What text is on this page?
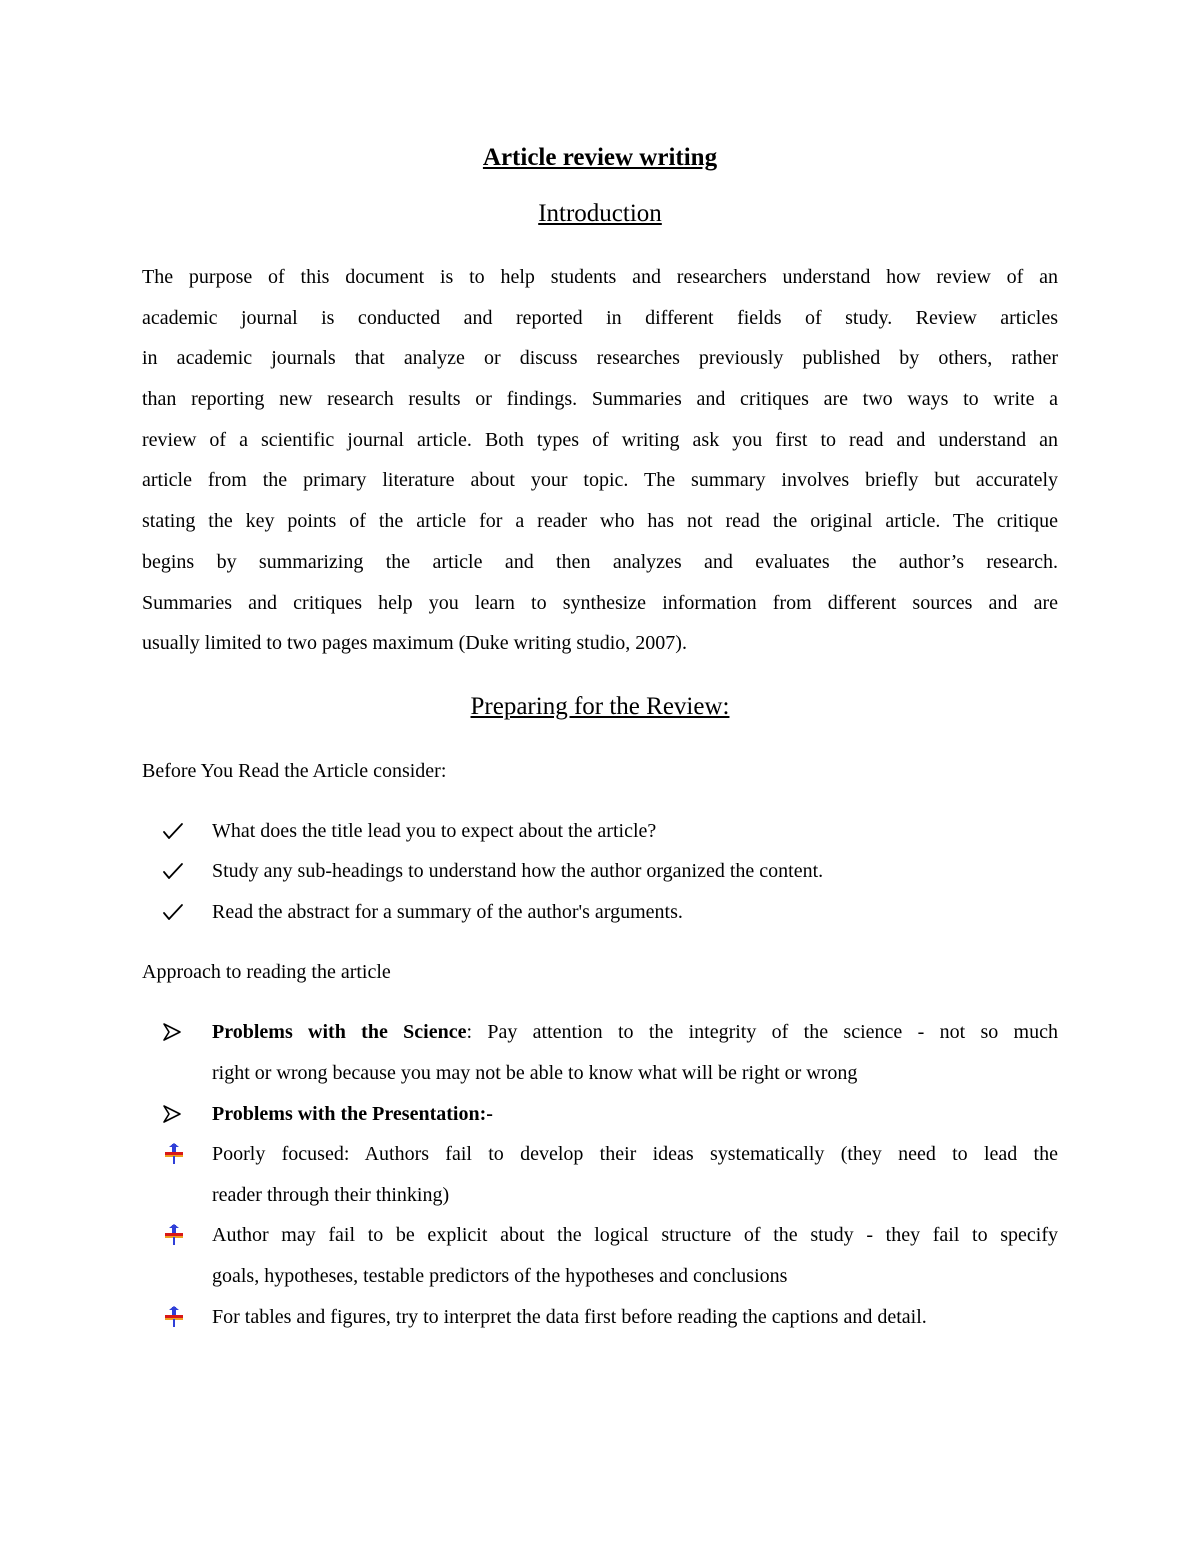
Article review writing
Introduction
The purpose of this document is to help students and researchers understand how review of an
academic journal is conducted and reported in different fields of study. Review articles
in academic journals that analyze or discuss researches previously published by others, rather
than reporting new research results or findings. Summaries and critiques are two ways to write a
review of a scientific journal article. Both types of writing ask you first to read and understand an
article from the primary literature about your topic. The summary involves briefly but accurately
stating the key points of the article for a reader who has not read the original article. The critique
begins by summarizing the article and then analyzes and evaluates the author’s research.
Summaries and critiques help you learn to synthesize information from different sources and are
usually limited to two pages maximum (Duke writing studio, 2007).
Preparing for the Review:
Before You Read the Article consider:
What does the title lead you to expect about the article?
Study any sub-headings to understand how the author organized the content.
Read the abstract for a summary of the author's arguments.
Approach to reading the article
Problems with the Science: Pay attention to the integrity of the science - not so much
right or wrong because you may not be able to know what will be right or wrong
Problems with the Presentation:-
Poorly focused: Authors fail to develop their ideas systematically (they need to lead the
reader through their thinking)
Author may fail to be explicit about the logical structure of the study - they fail to specify
goals, hypotheses, testable predictors of the hypotheses and conclusions
For tables and figures, try to interpret the data first before reading the captions and detail.
